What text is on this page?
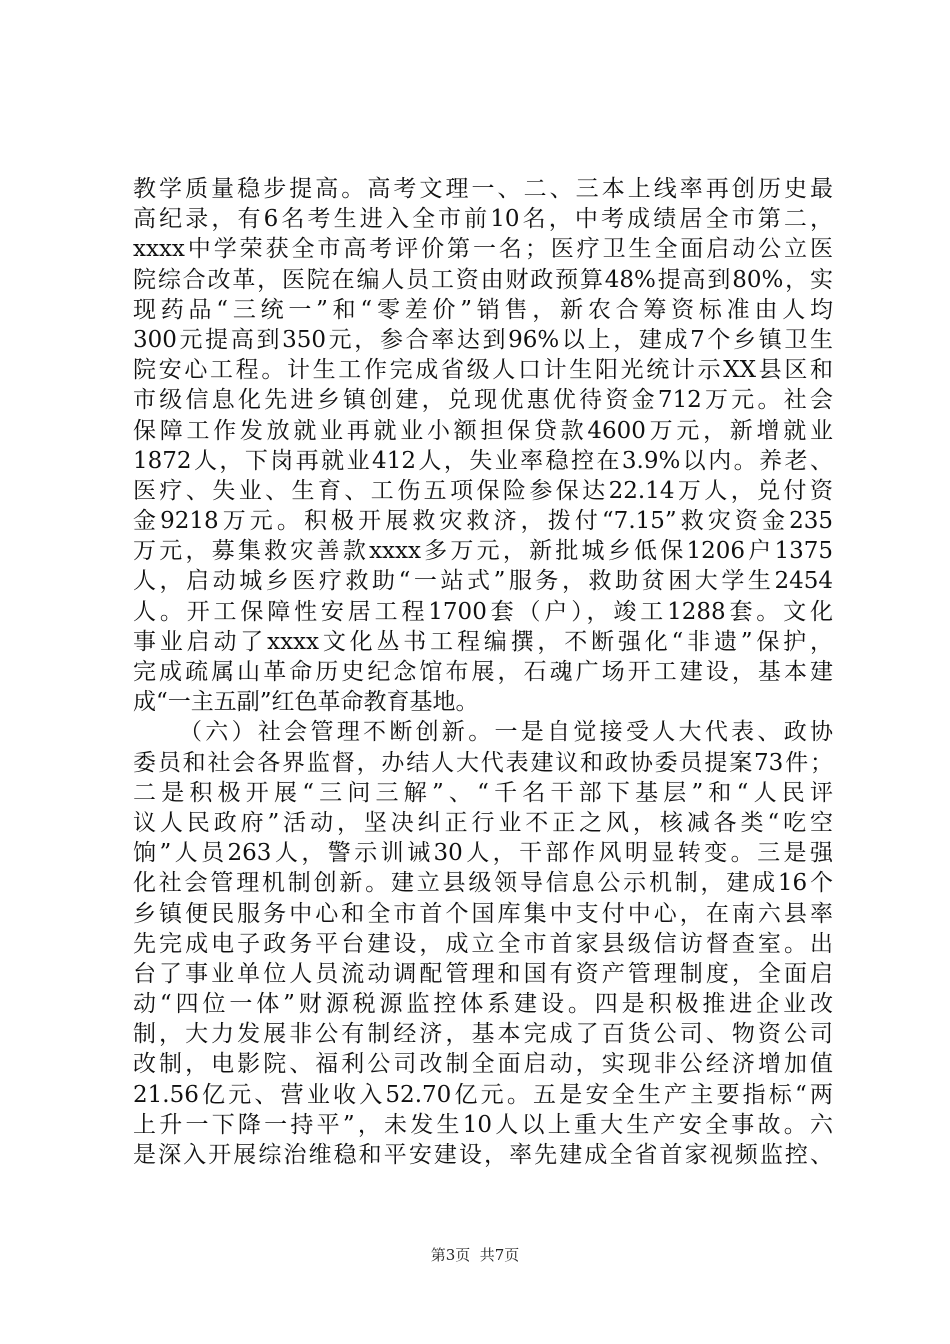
教学质量稳步提高。高考文理一、二、三本上线率再创历史最
高纪录，有6名考生进入全市前10名，中考成绩居全市第二，
xxxx中学荣获全市高考评价第一名；医疗卫生全面启动公立医
院综合改革，医院在编人员工资由财政预算48%提高到80%，实
现药品“三统一”和“零差价”销售，新农合筹资标准由人均
300元提高到350元，参合率达到96%以上，建成7个乡镇卫生
院安心工程。计生工作完成省级人口计生阳光统计示XX县区和
市级信息化先进乡镇创建，兑现优惠优待资金712万元。社会
保障工作发放就业再就业小额担保贷款4600万元，新增就业
1872人，下岗再就业412人，失业率稳控在3.9%以内。养老、
医疗、失业、生育、工伤五项保险参保达22.14万人，兑付资
金9218万元。积极开展救灾救济，拨付“7.15”救灾资金235
万元，募集救灾善款xxxx多万元，新批城乡低保1206户1375
人，启动城乡医疗救助“一站式”服务，救助贫困大学生2454
人。开工保障性安居工程1700套（户），竣工1288套。文化
事业启动了xxxx文化丛书工程编撰，不断强化“非遗”保护，
完成疏属山革命历史纪念馆布展，石魂广场开工建设，基本建
成“一主五副”红色革命教育基地。
（六）社会管理不断创新。一是自觉接受人大代表、政协
委员和社会各界监督，办结人大代表建议和政协委员提案73件；
二是积极开展“三问三解”、“千名干部下基层”和“人民评
议人民政府”活动，坚决纠正行业不正之风，核减各类“吃空
饷”人员263人，警示训诫30人，干部作风明显转变。三是强
化社会管理机制创新。建立县级领导信息公示机制，建成16个
乡镇便民服务中心和全市首个国库集中支付中心，在南六县率
先完成电子政务平台建设，成立全市首家县级信访督查室。出
台了事业单位人员流动调配管理和国有资产管理制度，全面启
动“四位一体”财源税源监控体系建设。四是积极推进企业改
制，大力发展非公有制经济，基本完成了百货公司、物资公司
改制，电影院、福利公司改制全面启动，实现非公经济增加值
21.56亿元、营业收入52.70亿元。五是安全生产主要指标“两
上升一下降一持平”，未发生10人以上重大生产安全事故。六
是深入开展综治维稳和平安建设，率先建成全省首家视频监控、
第3页  共7页
